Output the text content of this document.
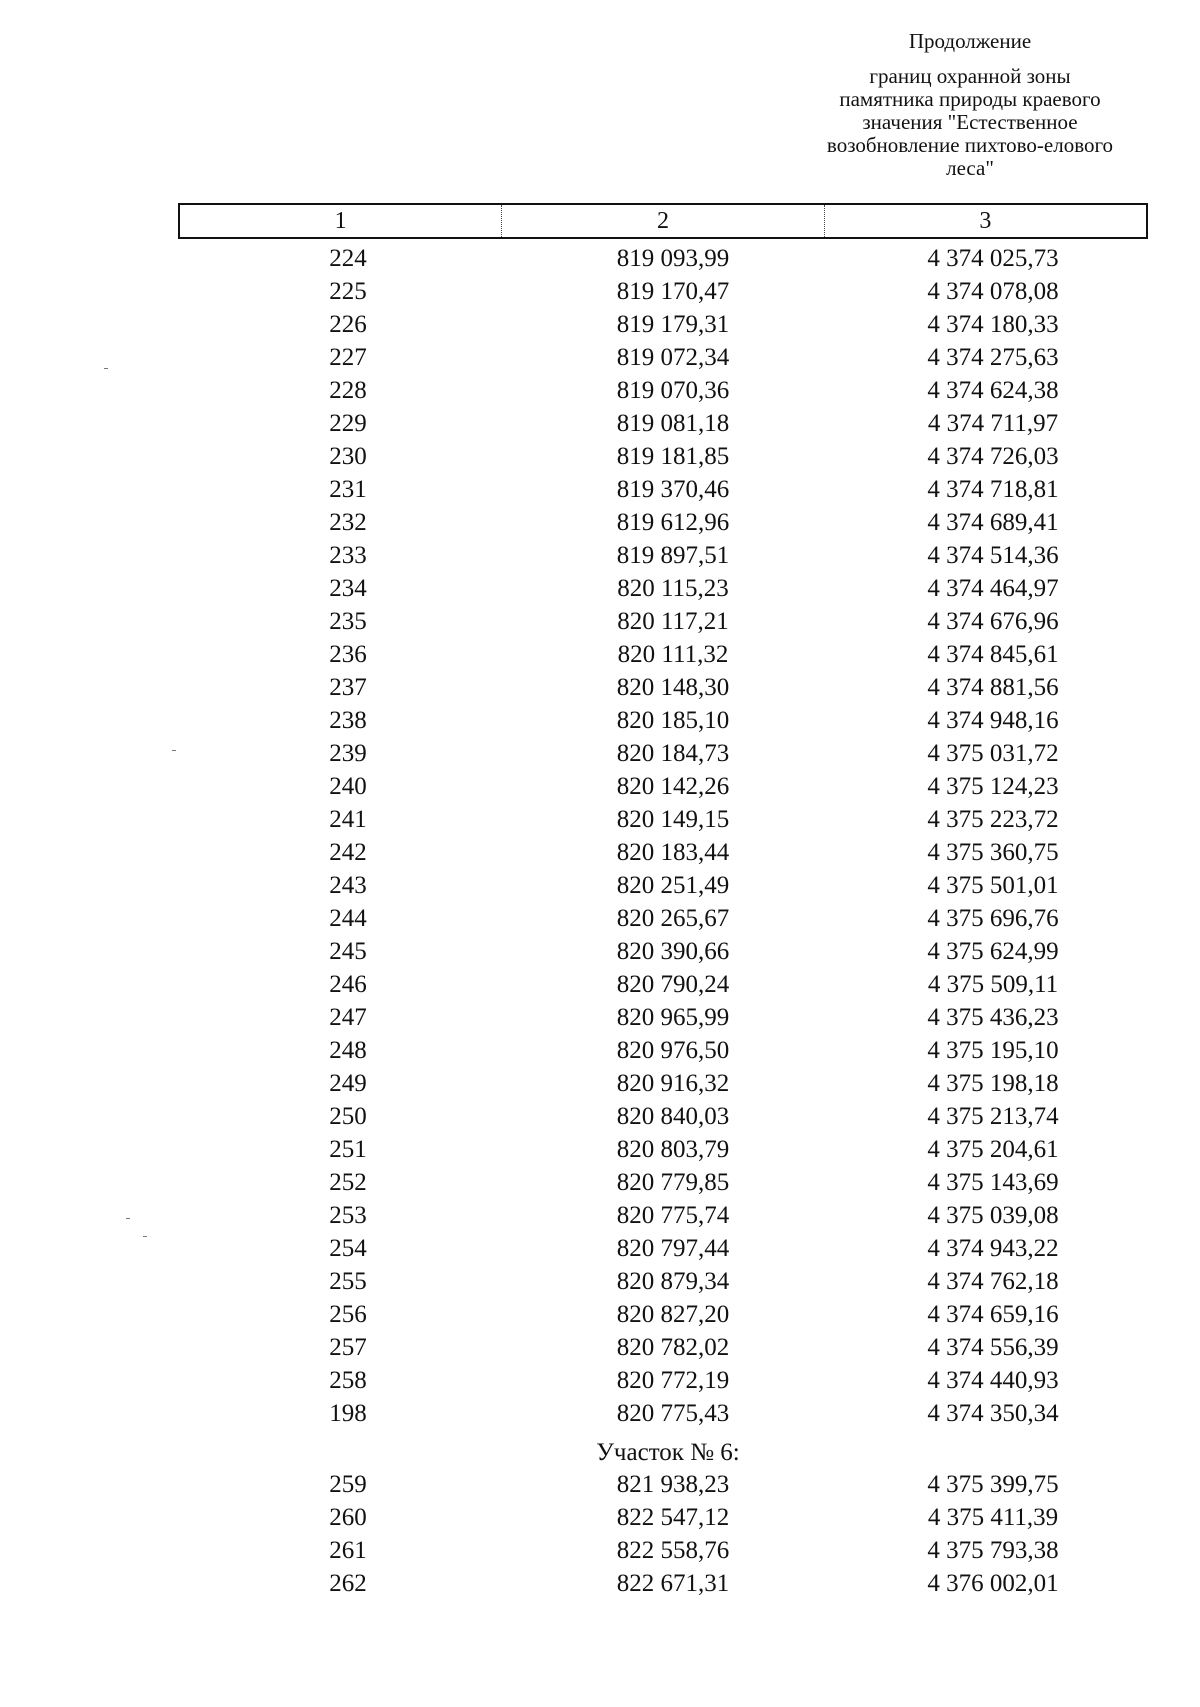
Продолжение
границ охранной зоны
памятника природы краевого
значения "Естественное
возобновление пихтово-елового
леса"
1	2	3
224	819 093,99	4 374 025,73
225	819 170,47	4 374 078,08
226	819 179,31	4 374 180,33
227	819 072,34	4 374 275,63
228	819 070,36	4 374 624,38
229	819 081,18	4 374 711,97
230	819 181,85	4 374 726,03
231	819 370,46	4 374 718,81
232	819 612,96	4 374 689,41
233	819 897,51	4 374 514,36
234	820 115,23	4 374 464,97
235	820 117,21	4 374 676,96
236	820 111,32	4 374 845,61
237	820 148,30	4 374 881,56
238	820 185,10	4 374 948,16
239	820 184,73	4 375 031,72
240	820 142,26	4 375 124,23
241	820 149,15	4 375 223,72
242	820 183,44	4 375 360,75
243	820 251,49	4 375 501,01
244	820 265,67	4 375 696,76
245	820 390,66	4 375 624,99
246	820 790,24	4 375 509,11
247	820 965,99	4 375 436,23
248	820 976,50	4 375 195,10
249	820 916,32	4 375 198,18
250	820 840,03	4 375 213,74
251	820 803,79	4 375 204,61
252	820 779,85	4 375 143,69
253	820 775,74	4 375 039,08
254	820 797,44	4 374 943,22
255	820 879,34	4 374 762,18
256	820 827,20	4 374 659,16
257	820 782,02	4 374 556,39
258	820 772,19	4 374 440,93
198	820 775,43	4 374 350,34
Участок № 6:
259	821 938,23	4 375 399,75
260	822 547,12	4 375 411,39
261	822 558,76	4 375 793,38
262	822 671,31	4 376 002,01
